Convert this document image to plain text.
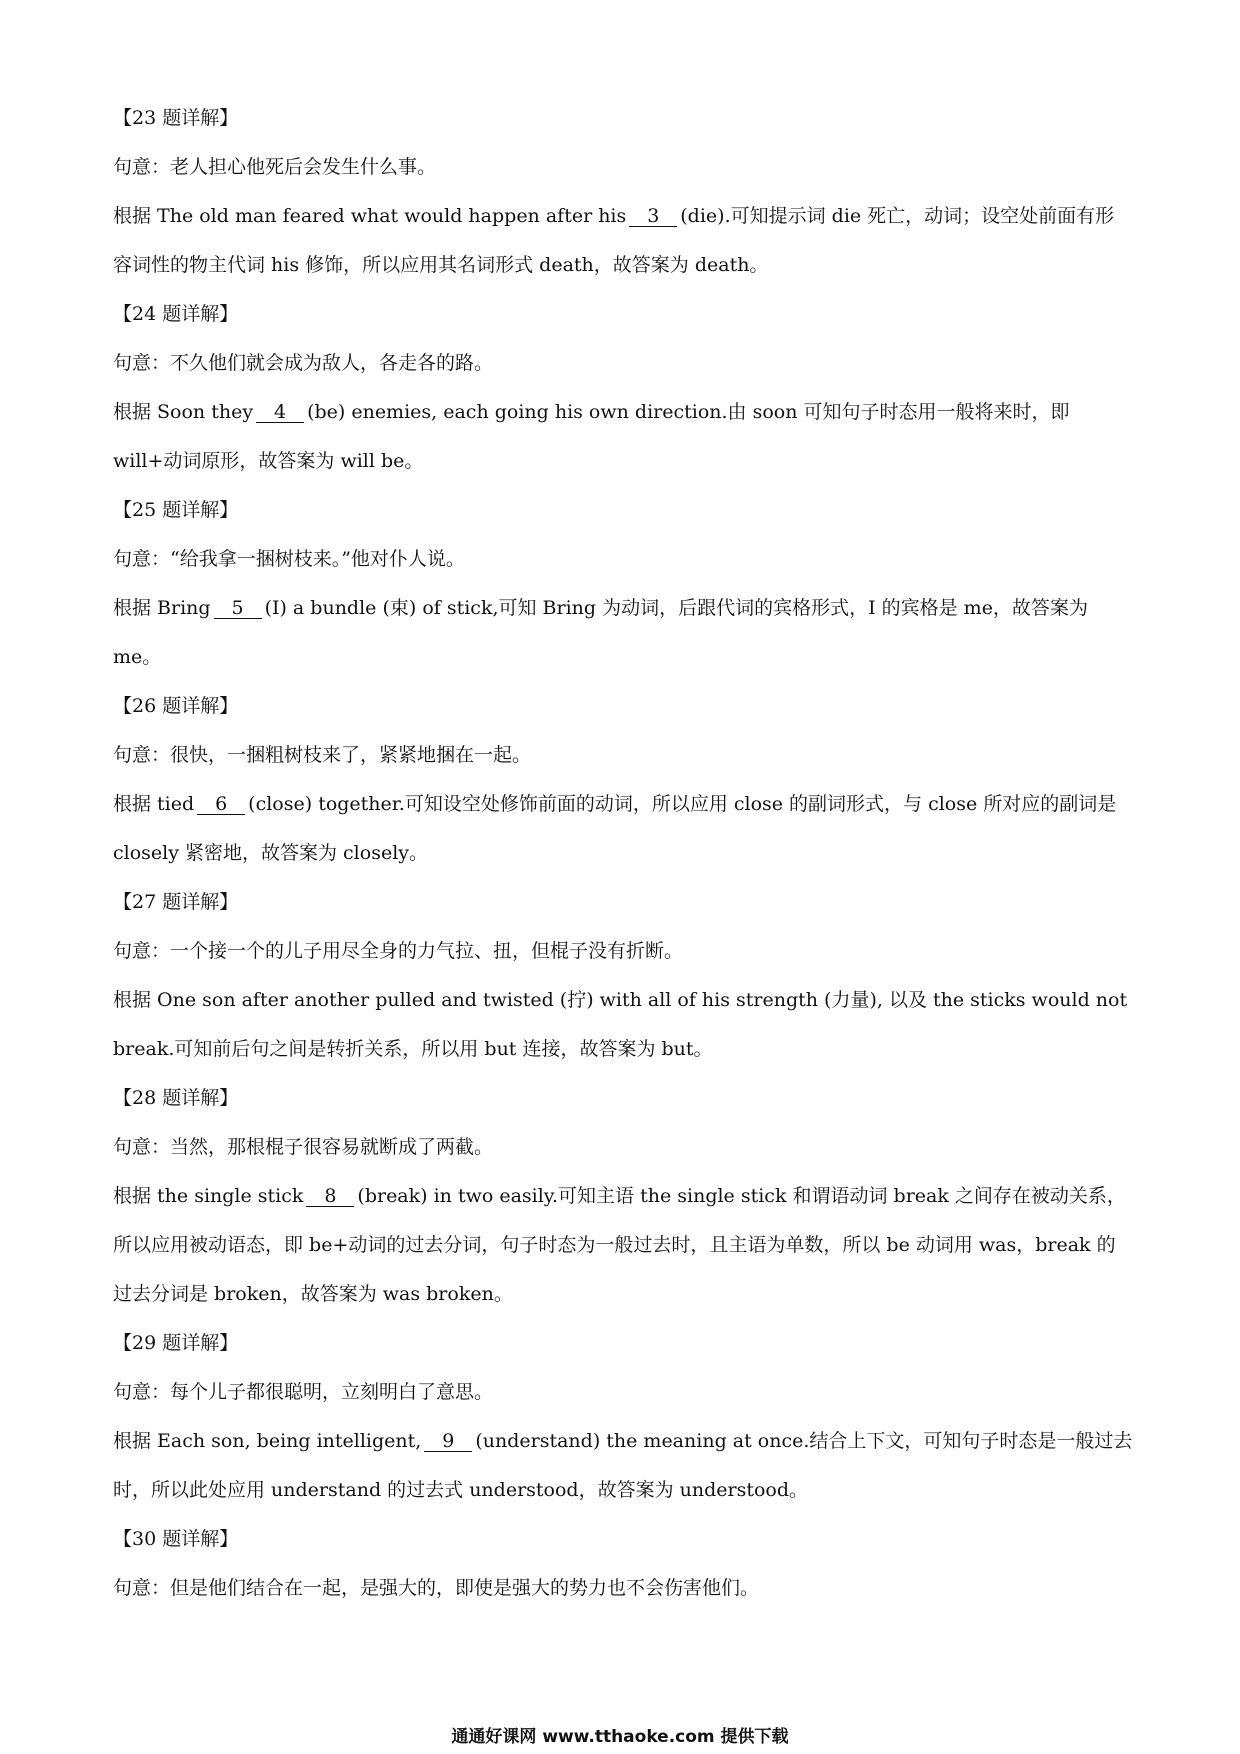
【23 题详解】

句意：老人担心他死后会发生什么事。

根据 The old man feared what would happen after his 3 (die).可知提示词 die 死亡，动词；设空处前面有形容词性的物主代词 his 修饰，所以应用其名词形式 death，故答案为 death。

【24 题详解】

句意：不久他们就会成为敌人，各走各的路。

根据 Soon they 4 (be) enemies, each going his own direction.由 soon 可知句子时态用一般将来时，即 will+动词原形，故答案为 will be。

【25 题详解】

句意：“给我拿一捆树枝来。”他对仆人说。

根据 Bring 5 (I) a bundle (束) of stick,可知 Bring 为动词，后跟代词的宾格形式，I 的宾格是 me，故答案为 me。

【26 题详解】

句意：很快，一捆粗树枝来了，紧紧地捆在一起。

根据 tied 6 (close) together.可知设空处修饰前面的动词，所以应用 close 的副词形式，与 close 所对应的副词是 closely 紧密地，故答案为 closely。

【27 题详解】

句意：一个接一个的儿子用尽全身的力气拉、扭，但棍子没有折断。

根据 One son after another pulled and twisted (拧) with all of his strength (力量), 以及 the sticks would not break.可知前后句之间是转折关系，所以用 but 连接，故答案为 but。

【28 题详解】

句意：当然，那根棍子很容易就断成了两截。

根据 the single stick 8 (break) in two easily.可知主语 the single stick 和谓语动词 break 之间存在被动关系，所以应用被动语态，即 be+动词的过去分词，句子时态为一般过去时，且主语为单数，所以 be 动词用 was，break 的过去分词是 broken，故答案为 was broken。

【29 题详解】

句意：每个儿子都很聪明，立刻明白了意思。

根据 Each son, being intelligent, 9 (understand) the meaning at once.结合上下文，可知句子时态是一般过去时，所以此处应用 understand 的过去式 understood，故答案为 understood。

【30 题详解】

句意：但是他们结合在一起，是强大的，即使是强大的势力也不会伤害他们。

通通好课网 www.tthaoke.com 提供下载
